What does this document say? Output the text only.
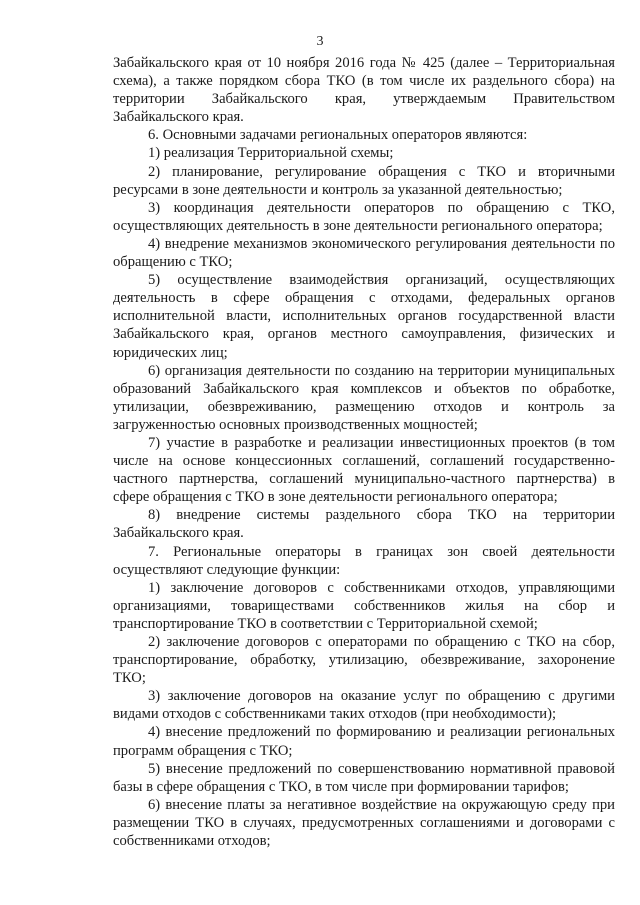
3

Забайкальского края от 10 ноября 2016 года № 425 (далее – Территориальная схема), а также порядком сбора ТКО (в том числе их раздельного сбора) на территории Забайкальского края, утверждаемым Правительством Забайкальского края.

6. Основными задачами региональных операторов являются:

1) реализация Территориальной схемы;

2) планирование, регулирование обращения с ТКО и вторичными ресурсами в зоне деятельности и контроль за указанной деятельностью;

3) координация деятельности операторов по обращению с ТКО, осуществляющих деятельность в зоне деятельности регионального оператора;

4) внедрение механизмов экономического регулирования деятельности по обращению с ТКО;

5) осуществление взаимодействия организаций, осуществляющих деятельность в сфере обращения с отходами, федеральных органов исполнительной власти, исполнительных органов государственной власти Забайкальского края, органов местного самоуправления, физических и юридических лиц;

6) организация деятельности по созданию на территории муниципальных образований Забайкальского края комплексов и объектов по обработке, утилизации, обезвреживанию, размещению отходов и контроль за загруженностью основных производственных мощностей;

7) участие в разработке и реализации инвестиционных проектов (в том числе на основе концессионных соглашений, соглашений государственно-частного партнерства, соглашений муниципально-частного партнерства) в сфере обращения с ТКО в зоне деятельности регионального оператора;

8) внедрение системы раздельного сбора ТКО на территории Забайкальского края.

7. Региональные операторы в границах зон своей деятельности осуществляют следующие функции:

1) заключение договоров с собственниками отходов, управляющими организациями, товариществами собственников жилья на сбор и транспортирование ТКО в соответствии с Территориальной схемой;

2) заключение договоров с операторами по обращению с ТКО на сбор, транспортирование, обработку, утилизацию, обезвреживание, захоронение ТКО;

3) заключение договоров на оказание услуг по обращению с другими видами отходов с собственниками таких отходов (при необходимости);

4) внесение предложений по формированию и реализации региональных программ обращения с ТКО;

5) внесение предложений по совершенствованию нормативной правовой базы в сфере обращения с ТКО, в том числе при формировании тарифов;

6) внесение платы за негативное воздействие на окружающую среду при размещении ТКО в случаях, предусмотренных соглашениями и договорами с собственниками отходов;
